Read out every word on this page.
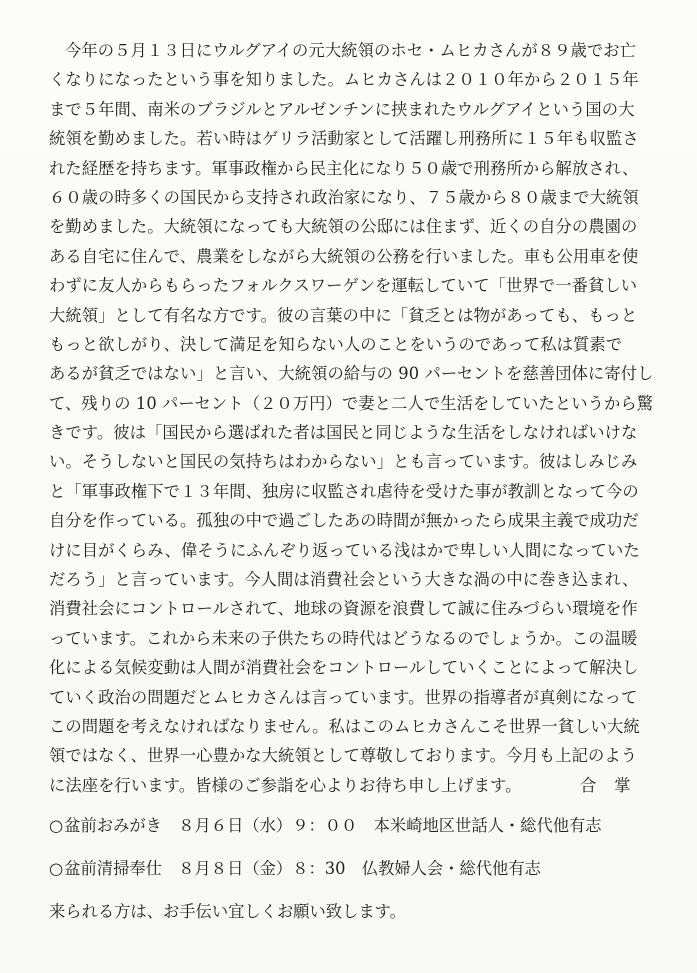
今年の５月１３日にウルグアイの元大統領のホセ・ムヒカさんが８９歳でお亡
くなりになったという事を知りました。ムヒカさんは２０１０年から２０１５年
まで５年間、南米のブラジルとアルゼンチンに挟まれたウルグアイという国の大
統領を勤めました。若い時はゲリラ活動家として活躍し刑務所に１５年も収監さ
れた経歴を持ちます。軍事政権から民主化になり５０歳で刑務所から解放され、
６０歳の時多くの国民から支持され政治家になり、７５歳から８０歳まで大統領
を勤めました。大統領になっても大統領の公邸には住まず、近くの自分の農園の
ある自宅に住んで、農業をしながら大統領の公務を行いました。車も公用車を使
わずに友人からもらったフォルクスワーゲンを運転していて「世界で一番貧しい
大統領」として有名な方です。彼の言葉の中に「貧乏とは物があっても、もっと
もっと欲しがり、決して満足を知らない人のことをいうのであって私は質素で
あるが貧乏ではない」と言い、大統領の給与の 90 パーセントを慈善団体に寄付し
て、残りの 10 パーセント（２０万円）で妻と二人で生活をしていたというから驚
きです。彼は「国民から選ばれた者は国民と同じような生活をしなければいけな
い。そうしないと国民の気持ちはわからない」とも言っています。彼はしみじみ
と「軍事政権下で１３年間、独房に収監され虐待を受けた事が教訓となって今の
自分を作っている。孤独の中で過ごしたあの時間が無かったら成果主義で成功だ
けに目がくらみ、偉そうにふんぞり返っている浅はかで卑しい人間になっていた
だろう」と言っています。今人間は消費社会という大きな渦の中に巻き込まれ、
消費社会にコントロールされて、地球の資源を浪費して誠に住みづらい環境を作
っています。これから未来の子供たちの時代はどうなるのでしょうか。この温暖
化による気候変動は人間が消費社会をコントロールしていくことによって解決し
ていく政治の問題だとムヒカさんは言っています。世界の指導者が真剣になって
この問題を考えなければなりません。私はこのムヒカさんこそ世界一貧しい大統
領ではなく、世界一心豊かな大統領として尊敬しております。今月も上記のよう
に法座を行います。皆様のご参詣を心よりお待ち申し上げます。	合掌
○盆前おみがき　 ８月６日（水）９：００　 本米崎地区世話人・総代他有志
○盆前清掃奉仕　 ８月８日（金）８：30　 仏教婦人会・総代他有志
来られる方は、お手伝い宜しくお願い致します。
